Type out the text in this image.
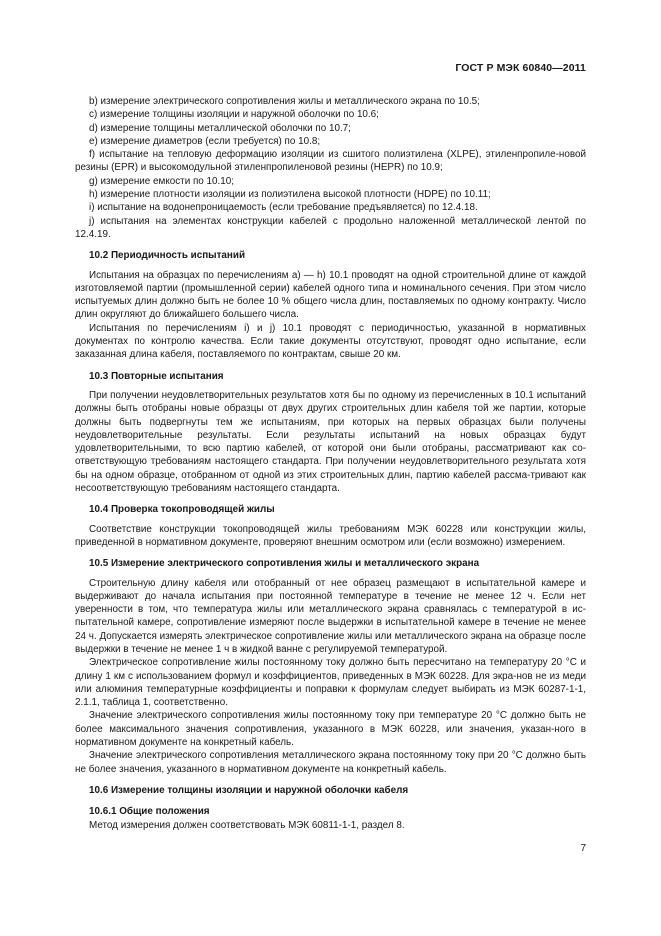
ГОСТ Р МЭК 60840—2011

b) измерение электрического сопротивления жилы и металлического экрана по 10.5;

c) измерение толщины изоляции и наружной оболочки по 10.6;

d) измерение толщины металлической оболочки по 10.7;

e) измерение диаметров (если требуется) по 10.8;

f) испытание на тепловую деформацию изоляции из сшитого полиэтилена (XLPE), этиленпропиле-новой резины (EPR) и высокомодульной этиленпропиленовой резины (HEPR) по 10.9;

g) измерение емкости по 10.10;

h) измерение плотности изоляции из полиэтилена высокой плотности (HDPE) по 10.11;

i) испытание на водонепроницаемость (если требование предъявляется) по 12.4.18.

j) испытания на элементах конструкции кабелей с продольно наложенной металлической лентой по 12.4.19.

10.2 Периодичность испытаний

Испытания на образцах по перечислениям а) — h) 10.1 проводят на одной строительной длине от каждой изготовляемой партии (промышленной серии) кабелей одного типа и номинального сечения. При этом число испытуемых длин должно быть не более 10 % общего числа длин, поставляемых по одному контракту. Число длин округляют до ближайшего большего числа.

Испытания по перечислениям i) и j) 10.1 проводят с периодичностью, указанной в нормативных документах по контролю качества. Если такие документы отсутствуют, проводят одно испытание, если заказанная длина кабеля, поставляемого по контрактам, свыше 20 км.

10.3 Повторные испытания

При получении неудовлетворительных результатов хотя бы по одному из перечисленных в 10.1 испытаний должны быть отобраны новые образцы от двух других строительных длин кабеля той же партии, которые должны быть подвергнуты тем же испытаниям, при которых на первых образцах были получены неудовлетворительные результаты. Если результаты испытаний на новых образцах будут удовлетворительными, то всю партию кабелей, от которой они были отобраны, рассматривают как со-ответствующую требованиям настоящего стандарта. При получении неудовлетворительного результата хотя бы на одном образце, отобранном от одной из этих строительных длин, партию кабелей рассма-тривают как несоответствующую требованиям настоящего стандарта.

10.4 Проверка токопроводящей жилы

Соответствие конструкции токопроводящей жилы требованиям МЭК 60228 или конструкции жилы, приведенной в нормативном документе, проверяют внешним осмотром или (если возможно) измерением.

10.5 Измерение электрического сопротивления жилы и металлического экрана

Строительную длину кабеля или отобранный от нее образец размещают в испытательной камере и выдерживают до начала испытания при постоянной температуре в течение не менее 12 ч. Если нет уверенности в том, что температура жилы или металлического экрана сравнялась с температурой в ис-пытательной камере, сопротивление измеряют после выдержки в испытательной камере в течение не менее 24 ч. Допускается измерять электрическое сопротивление жилы или металлического экрана на образце после выдержки в течение не менее 1 ч в жидкой ванне с регулируемой температурой.

Электрическое сопротивление жилы постоянному току должно быть пересчитано на температуру 20 °С и длину 1 км с использованием формул и коэффициентов, приведенных в МЭК 60228. Для экра-нов не из меди или алюминия температурные коэффициенты и поправки к формулам следует выбирать из МЭК 60287-1-1, 2.1.1, таблица 1, соответственно.

Значение электрического сопротивления жилы постоянному току при температуре 20 °С должно быть не более максимального значения сопротивления, указанного в МЭК 60228, или значения, указан-ного в нормативном документе на конкретный кабель.

Значение электрического сопротивления металлического экрана постоянному току при 20 °С должно быть не более значения, указанного в нормативном документе на конкретный кабель.

10.6 Измерение толщины изоляции и наружной оболочки кабеля

10.6.1 Общие положения

Метод измерения должен соответствовать МЭК 60811-1-1, раздел 8.

7
